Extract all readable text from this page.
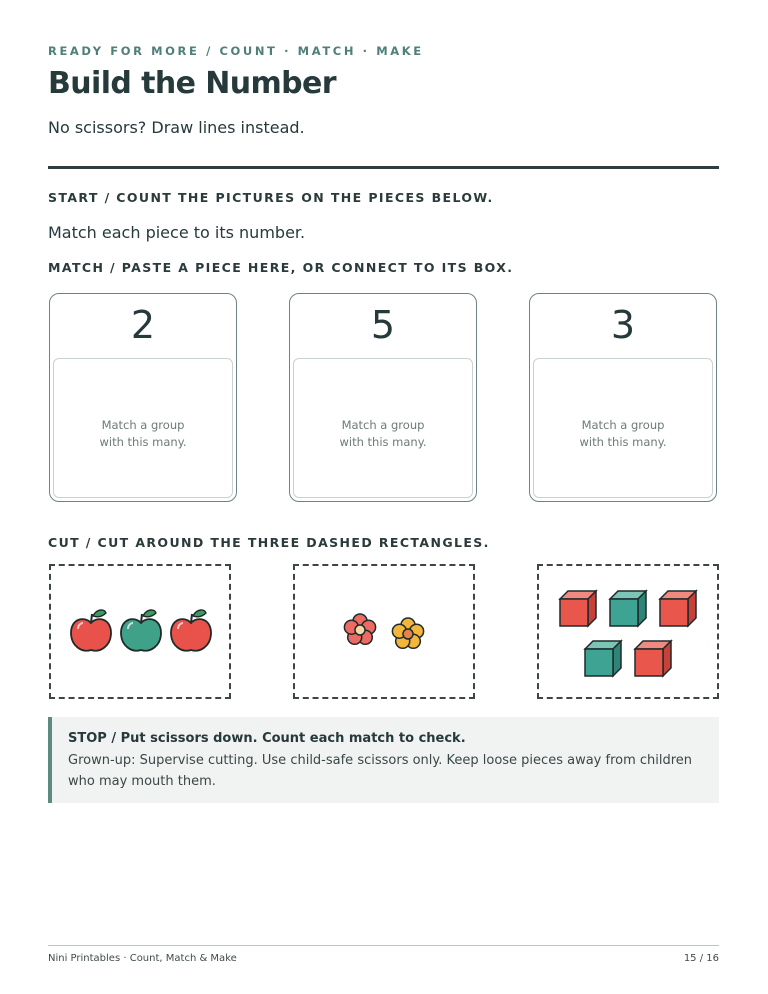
READY FOR MORE / COUNT · MATCH · MAKE
Build the Number
No scissors? Draw lines instead.
START / COUNT THE PICTURES ON THE PIECES BELOW.
Match each piece to its number.
MATCH / PASTE A PIECE HERE, OR CONNECT TO ITS BOX.
2
Match a group
with this many.
5
Match a group
with this many.
3
Match a group
with this many.
CUT / CUT AROUND THE THREE DASHED RECTANGLES.
STOP / Put scissors down. Count each match to check.
Grown-up: Supervise cutting. Use child-safe scissors only. Keep loose pieces away from children who may mouth them.
Nini Printables · Count, Match & Make	15 / 16
